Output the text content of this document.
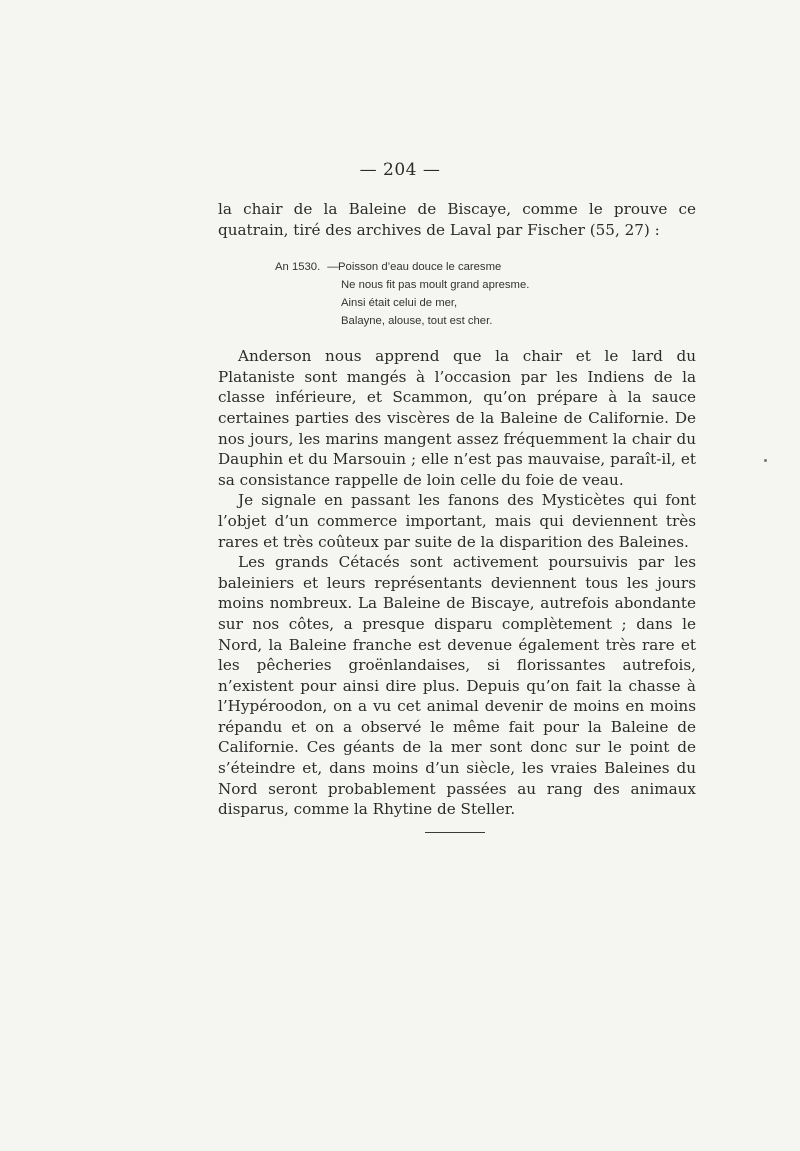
— 204 —

la chair de la Baleine de Biscaye, comme le prouve ce quatrain, tiré des archives de Laval par Fischer (55, 27) :

An 1530. — Poisson d’eau douce le caresme
Ne nous fit pas moult grand apresme.
Ainsi était celui de mer,
Balayne, alouse, tout est cher.

Anderson nous apprend que la chair et le lard du Plataniste sont mangés à l’occasion par les Indiens de la classe inférieure, et Scammon, qu’on prépare à la sauce certaines parties des viscères de la Baleine de Californie. De nos jours, les marins mangent assez fréquemment la chair du Dauphin et du Marsouin ; elle n’est pas mauvaise, paraît-il, et sa consistance rappelle de loin celle du foie de veau.

Je signale en passant les fanons des Mysticètes qui font l’objet d’un commerce important, mais qui deviennent très rares et très coûteux par suite de la disparition des Baleines.

Les grands Cétacés sont activement poursuivis par les baleiniers et leurs représentants deviennent tous les jours moins nombreux. La Baleine de Biscaye, autrefois abondante sur nos côtes, a presque disparu complètement ; dans le Nord, la Baleine franche est devenue également très rare et les pêcheries groënlandaises, si florissantes autrefois, n’existent pour ainsi dire plus. Depuis qu’on fait la chasse à l’Hypéroodon, on a vu cet animal devenir de moins en moins répandu et on a observé le même fait pour la Baleine de Californie. Ces géants de la mer sont donc sur le point de s’éteindre et, dans moins d’un siècle, les vraies Baleines du Nord seront probablement passées au rang des animaux disparus, comme la Rhytine de Steller.
